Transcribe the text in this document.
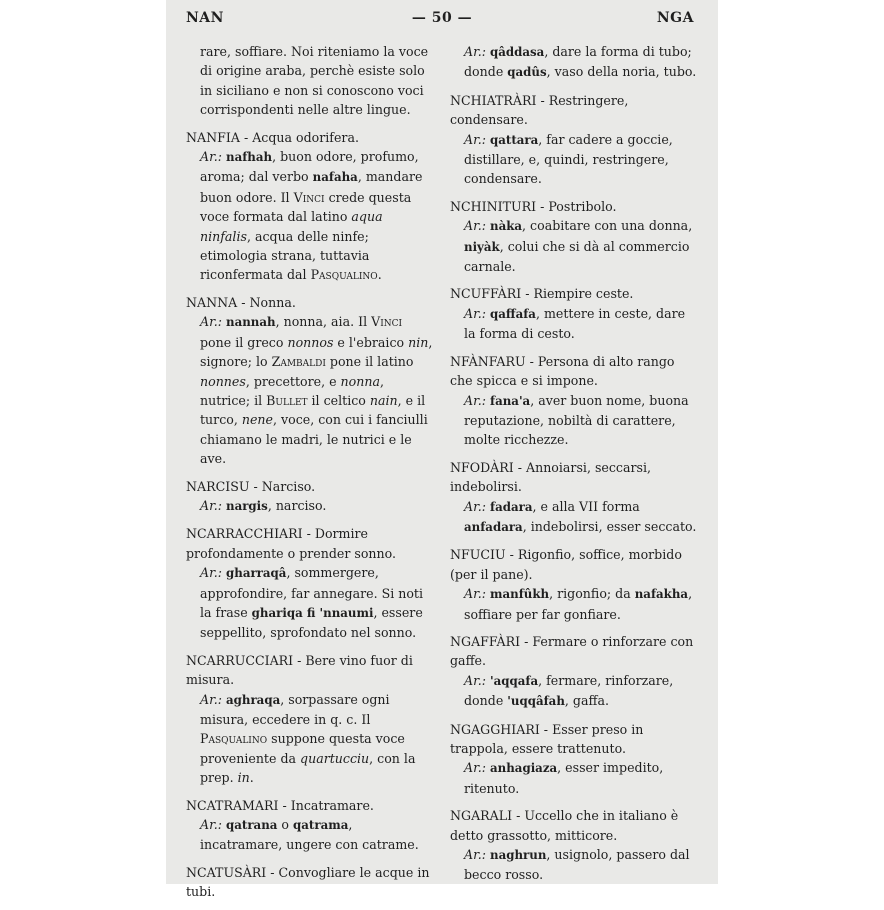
NAN	— 50 —	NGA

rare, soffiare. Noi riteniamo la voce di origine araba, perchè esiste solo in siciliano e non si conoscono voci corrispondenti nelle altre lingue.

NANFIA - Acqua odorifera.

Ar.: nafhah, buon odore, profumo, aroma; dal verbo nafaha, mandare buon odore. Il Vinci crede questa voce formata dal latino aqua ninfalis, acqua delle ninfe; etimologia strana, tuttavia riconfermata dal Pasqualino.

NANNA - Nonna.

Ar.: nannah, nonna, aia. Il Vinci pone il greco nonnos e l'ebraico nin, signore; lo Zambaldi pone il latino nonnes, precettore, e nonna, nutrice; il Bullet il celtico nain, e il turco, nene, voce, con cui i fanciulli chiamano le madri, le nutrici e le ave.

NARCISU - Narciso.

Ar.: nargis, narciso.

NCARRACCHIARI - Dormire profondamente o prender sonno.

Ar.: gharraqâ, sommergere, approfondire, far annegare. Si noti la frase ghariqa fi 'nnaumi, essere seppellito, sprofondato nel sonno.

NCARRUCCIARI - Bere vino fuor di misura.

Ar.: aghraqa, sorpassare ogni misura, eccedere in q. c. Il Pasqualino suppone questa voce proveniente da quartucciu, con la prep. in.

NCATRAMARI - Incatramare.

Ar.: qatrana o qatrama, incatramare, ungere con catrame.

NCATUSÀRI - Convogliare le acque in tubi.

Ar.: qâddasa, dare la forma di tubo; donde qadûs, vaso della noria, tubo.

NCHIATRÀRI - Restringere, condensare.

Ar.: qattara, far cadere a goccie, distillare, e, quindi, restringere, condensare.

NCHINITURI - Postribolo.

Ar.: nàka, coabitare con una donna, niyàk, colui che si dà al commercio carnale.

NCUFFÀRI - Riempire ceste.

Ar.: qaffafa, mettere in ceste, dare la forma di cesto.

NFÀNFARU - Persona di alto rango che spicca e si impone.

Ar.: fana'a, aver buon nome, buona reputazione, nobiltà di carattere, molte ricchezze.

NFODÀRI - Annoiarsi, seccarsi, indebolirsi.

Ar.: fadara, e alla VII forma anfadara, indebolirsi, esser seccato.

NFUCIU - Rigonfio, soffice, morbido (per il pane).

Ar.: manfûkh, rigonfio; da nafakha, soffiare per far gonfiare.

NGAFFÀRI - Fermare o rinforzare con gaffe.

Ar.: 'aqqafa, fermare, rinforzare, donde 'uqqâfah, gaffa.

NGAGGHIARI - Esser preso in trappola, essere trattenuto.

Ar.: anhagiaza, esser impedito, ritenuto.

NGARALI - Uccello che in italiano è detto grassotto, mitticore.

Ar.: naghrun, usignolo, passero dal becco rosso.
